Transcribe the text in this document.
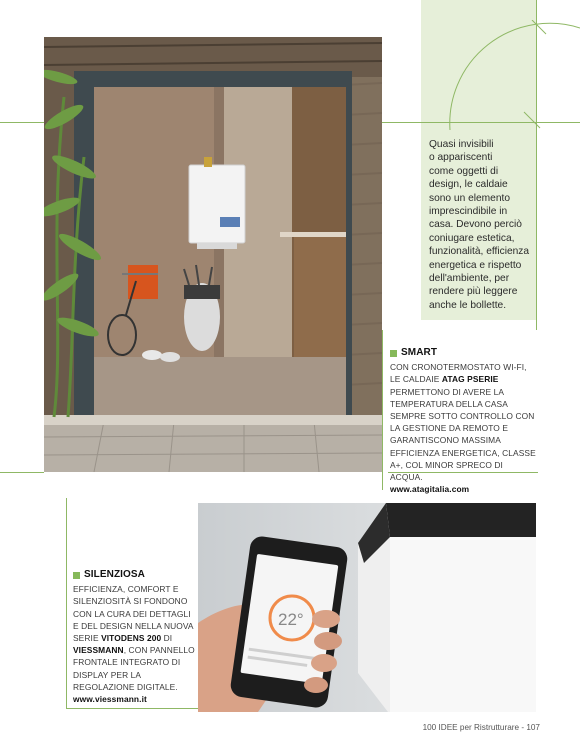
Quasi invisibili
o appariscenti
come oggetti di
design, le caldaie
sono un elemento
imprescindibile in
casa. Devono perciò
coniugare estetica,
funzionalità, efficienza
energetica e rispetto
dell'ambiente, per
rendere più leggere
anche le bollette.
SMART
CON CRONOTERMOSTATO WI-FI, LE CALDAIE ATAG PSERIE PERMETTONO DI AVERE LA TEMPERATURA DELLA CASA SEMPRE SOTTO CONTROLLO CON LA GESTIONE DA REMOTO E GARANTISCONO MASSIMA EFFICIENZA ENERGETICA, CLASSE A+, COL MINOR SPRECO DI ACQUA.
www.atagitalia.com
22°
SILENZIOSA
EFFICIENZA, COMFORT E SILENZIOSITÀ SI FONDONO CON LA CURA DEI DETTAGLI E DEL DESIGN NELLA NUOVA SERIE VITODENS 200 DI VIESSMANN, CON PANNELLO FRONTALE INTEGRATO DI DISPLAY PER LA REGOLAZIONE DIGITALE.
www.viessmann.it
100 IDEE per Ristrutturare - 107
